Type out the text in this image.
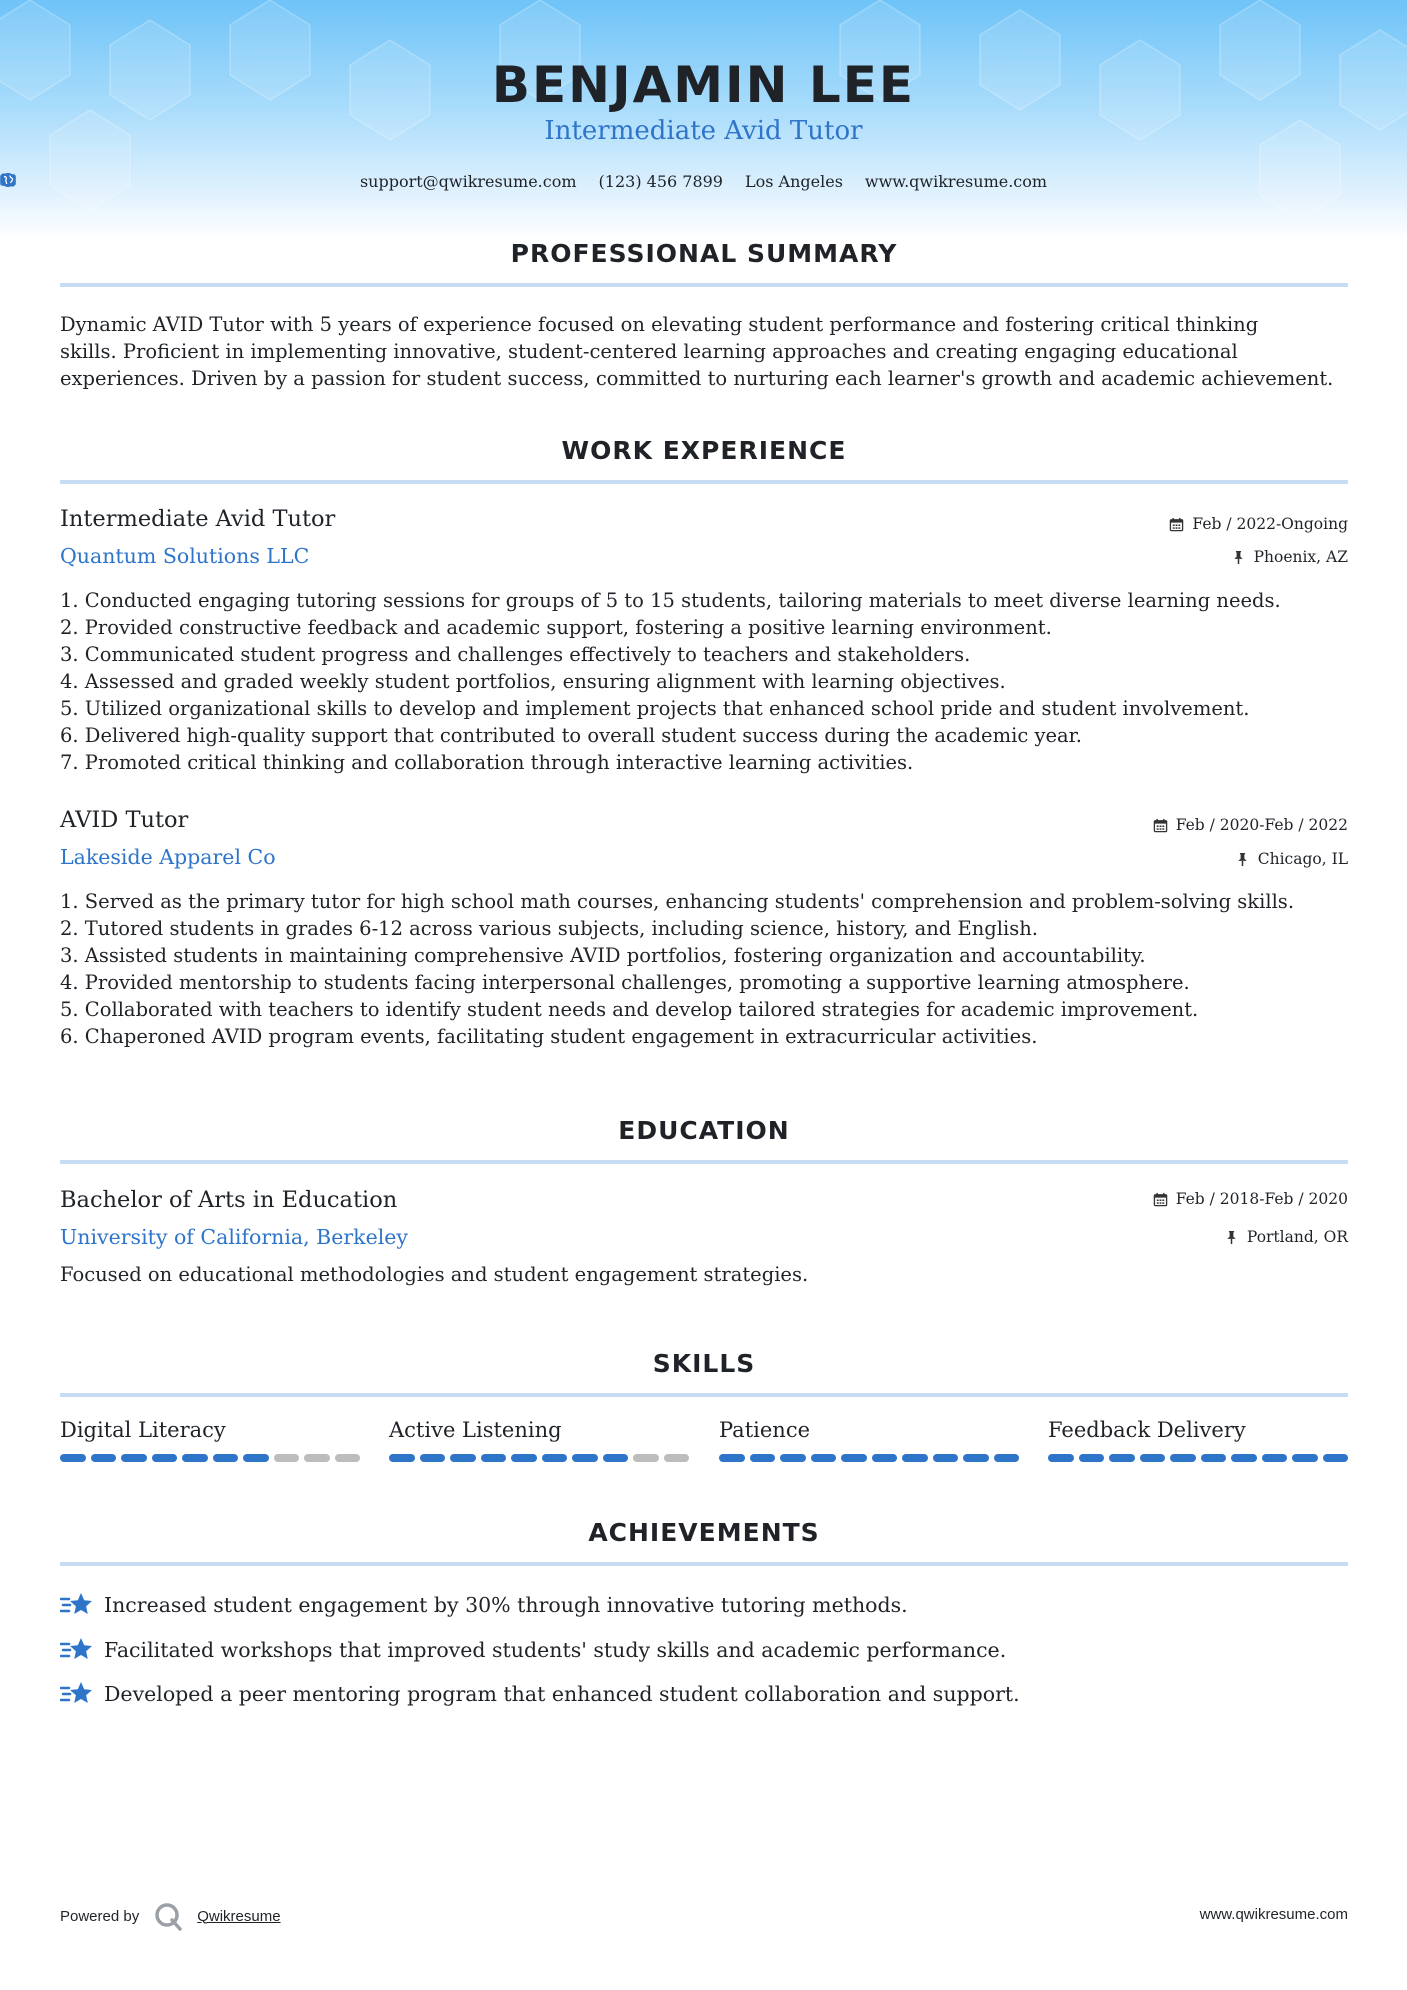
BENJAMIN LEE
Intermediate Avid Tutor
support@qwikresume.com (123) 456 7899 Los Angeles www.qwikresume.com
PROFESSIONAL SUMMARY
Dynamic AVID Tutor with 5 years of experience focused on elevating student performance and fostering critical thinking
skills. Proficient in implementing innovative, student-centered learning approaches and creating engaging educational
experiences. Driven by a passion for student success, committed to nurturing each learner's growth and academic achievement.
WORK EXPERIENCE
Intermediate Avid Tutor
Quantum Solutions LLC
Feb / 2022-Ongoing
Phoenix, AZ
1. Conducted engaging tutoring sessions for groups of 5 to 15 students, tailoring materials to meet diverse learning needs.
2. Provided constructive feedback and academic support, fostering a positive learning environment.
3. Communicated student progress and challenges effectively to teachers and stakeholders.
4. Assessed and graded weekly student portfolios, ensuring alignment with learning objectives.
5. Utilized organizational skills to develop and implement projects that enhanced school pride and student involvement.
6. Delivered high-quality support that contributed to overall student success during the academic year.
7. Promoted critical thinking and collaboration through interactive learning activities.
AVID Tutor
Lakeside Apparel Co
Feb / 2020-Feb / 2022
Chicago, IL
1. Served as the primary tutor for high school math courses, enhancing students' comprehension and problem-solving skills.
2. Tutored students in grades 6-12 across various subjects, including science, history, and English.
3. Assisted students in maintaining comprehensive AVID portfolios, fostering organization and accountability.
4. Provided mentorship to students facing interpersonal challenges, promoting a supportive learning atmosphere.
5. Collaborated with teachers to identify student needs and develop tailored strategies for academic improvement.
6. Chaperoned AVID program events, facilitating student engagement in extracurricular activities.
EDUCATION
Bachelor of Arts in Education
University of California, Berkeley
Feb / 2018-Feb / 2020
Portland, OR
Focused on educational methodologies and student engagement strategies.
SKILLS
Digital Literacy	Active Listening	Patience	Feedback Delivery
ACHIEVEMENTS
Increased student engagement by 30% through innovative tutoring methods.
Facilitated workshops that improved students' study skills and academic performance.
Developed a peer mentoring program that enhanced student collaboration and support.
Powered by	Qwikresume	www.qwikresume.com
